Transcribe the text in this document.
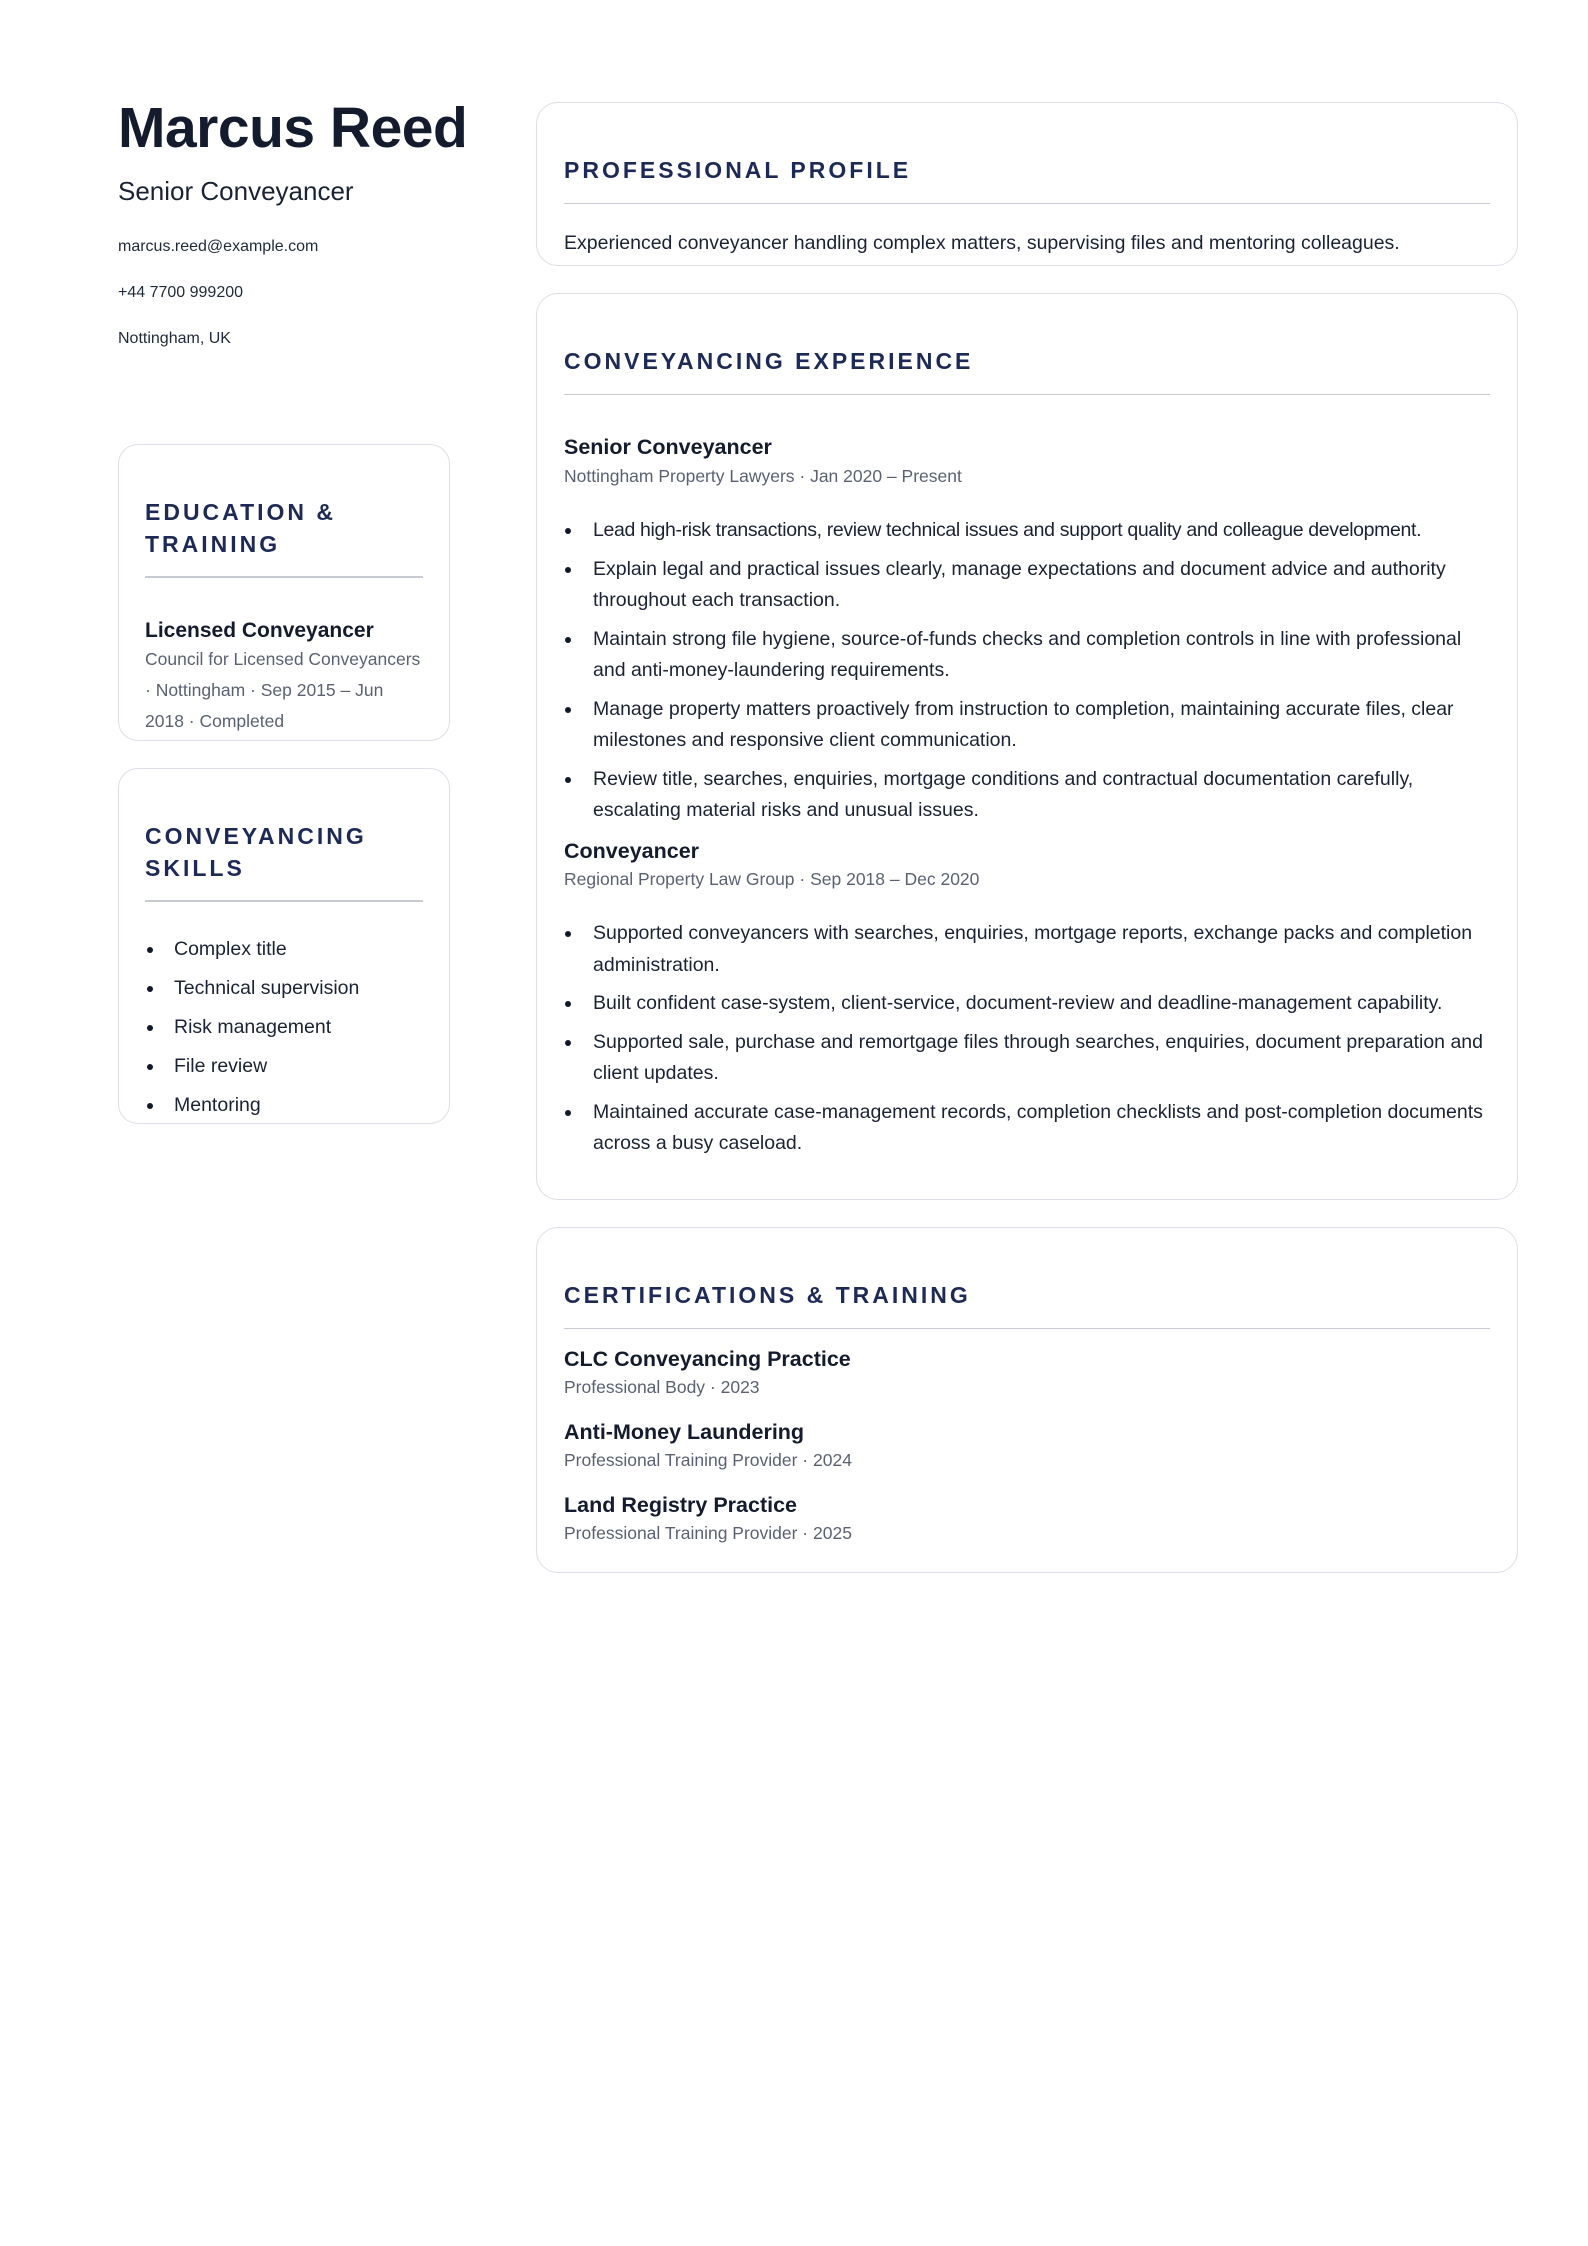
Marcus Reed
Senior Conveyancer
marcus.reed@example.com
+44 7700 999200
Nottingham, UK
EDUCATION & TRAINING
Licensed Conveyancer
Council for Licensed Conveyancers · Nottingham · Sep 2015 – Jun 2018 · Completed
CONVEYANCING SKILLS
Complex title
Technical supervision
Risk management
File review
Mentoring
PROFESSIONAL PROFILE
Experienced conveyancer handling complex matters, supervising files and mentoring colleagues.
CONVEYANCING EXPERIENCE
Senior Conveyancer
Nottingham Property Lawyers · Jan 2020 – Present
Lead high-risk transactions, review technical issues and support quality and colleague development.
Explain legal and practical issues clearly, manage expectations and document advice and authority throughout each transaction.
Maintain strong file hygiene, source-of-funds checks and completion controls in line with professional and anti-money-laundering requirements.
Manage property matters proactively from instruction to completion, maintaining accurate files, clear milestones and responsive client communication.
Review title, searches, enquiries, mortgage conditions and contractual documentation carefully, escalating material risks and unusual issues.
Conveyancer
Regional Property Law Group · Sep 2018 – Dec 2020
Supported conveyancers with searches, enquiries, mortgage reports, exchange packs and completion administration.
Built confident case-system, client-service, document-review and deadline-management capability.
Supported sale, purchase and remortgage files through searches, enquiries, document preparation and client updates.
Maintained accurate case-management records, completion checklists and post-completion documents across a busy caseload.
CERTIFICATIONS & TRAINING
CLC Conveyancing Practice
Professional Body · 2023
Anti-Money Laundering
Professional Training Provider · 2024
Land Registry Practice
Professional Training Provider · 2025
